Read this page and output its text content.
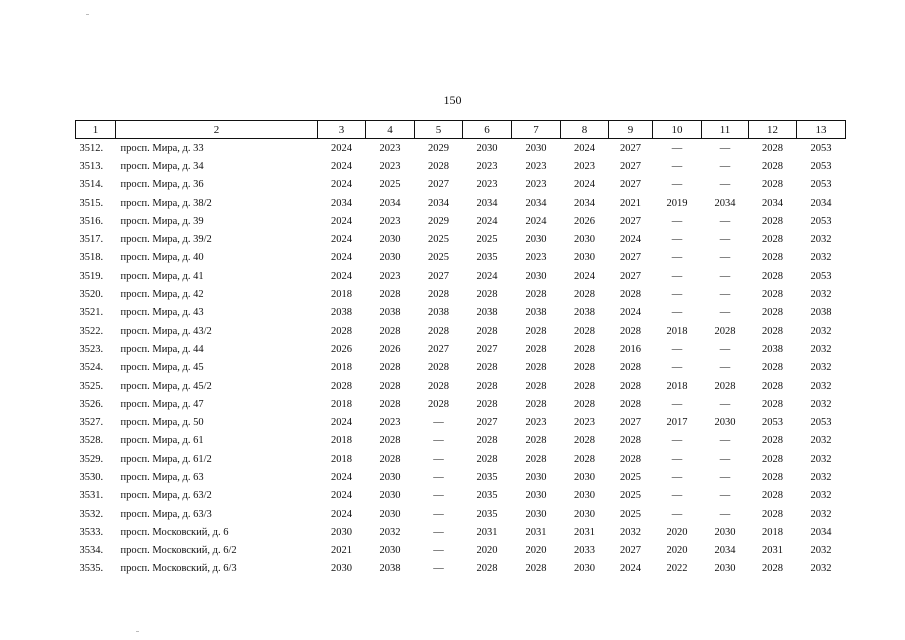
150
1	2	3	4	5	6	7	8	9	10	11	12	13
3512.	просп. Мира, д. 33	2024	2023	2029	2030	2030	2024	2027	—	—	2028	2053
3513.	просп. Мира, д. 34	2024	2023	2028	2023	2023	2023	2027	—	—	2028	2053
3514.	просп. Мира, д. 36	2024	2025	2027	2023	2023	2024	2027	—	—	2028	2053
3515.	просп. Мира, д. 38/2	2034	2034	2034	2034	2034	2034	2021	2019	2034	2034	2034
3516.	просп. Мира, д. 39	2024	2023	2029	2024	2024	2026	2027	—	—	2028	2053
3517.	просп. Мира, д. 39/2	2024	2030	2025	2025	2030	2030	2024	—	—	2028	2032
3518.	просп. Мира, д. 40	2024	2030	2025	2035	2023	2030	2027	—	—	2028	2032
3519.	просп. Мира, д. 41	2024	2023	2027	2024	2030	2024	2027	—	—	2028	2053
3520.	просп. Мира, д. 42	2018	2028	2028	2028	2028	2028	2028	—	—	2028	2032
3521.	просп. Мира, д. 43	2038	2038	2038	2038	2038	2038	2024	—	—	2028	2038
3522.	просп. Мира, д. 43/2	2028	2028	2028	2028	2028	2028	2028	2018	2028	2028	2032
3523.	просп. Мира, д. 44	2026	2026	2027	2027	2028	2028	2016	—	—	2038	2032
3524.	просп. Мира, д. 45	2018	2028	2028	2028	2028	2028	2028	—	—	2028	2032
3525.	просп. Мира, д. 45/2	2028	2028	2028	2028	2028	2028	2028	2018	2028	2028	2032
3526.	просп. Мира, д. 47	2018	2028	2028	2028	2028	2028	2028	—	—	2028	2032
3527.	просп. Мира, д. 50	2024	2023	—	2027	2023	2023	2027	2017	2030	2053	2053
3528.	просп. Мира, д. 61	2018	2028	—	2028	2028	2028	2028	—	—	2028	2032
3529.	просп. Мира, д. 61/2	2018	2028	—	2028	2028	2028	2028	—	—	2028	2032
3530.	просп. Мира, д. 63	2024	2030	—	2035	2030	2030	2025	—	—	2028	2032
3531.	просп. Мира, д. 63/2	2024	2030	—	2035	2030	2030	2025	—	—	2028	2032
3532.	просп. Мира, д. 63/3	2024	2030	—	2035	2030	2030	2025	—	—	2028	2032
3533.	просп. Московский, д. 6	2030	2032	—	2031	2031	2031	2032	2020	2030	2018	2034
3534.	просп. Московский, д. 6/2	2021	2030	—	2020	2020	2033	2027	2020	2034	2031	2032
3535.	просп. Московский, д. 6/3	2030	2038	—	2028	2028	2030	2024	2022	2030	2028	2032
